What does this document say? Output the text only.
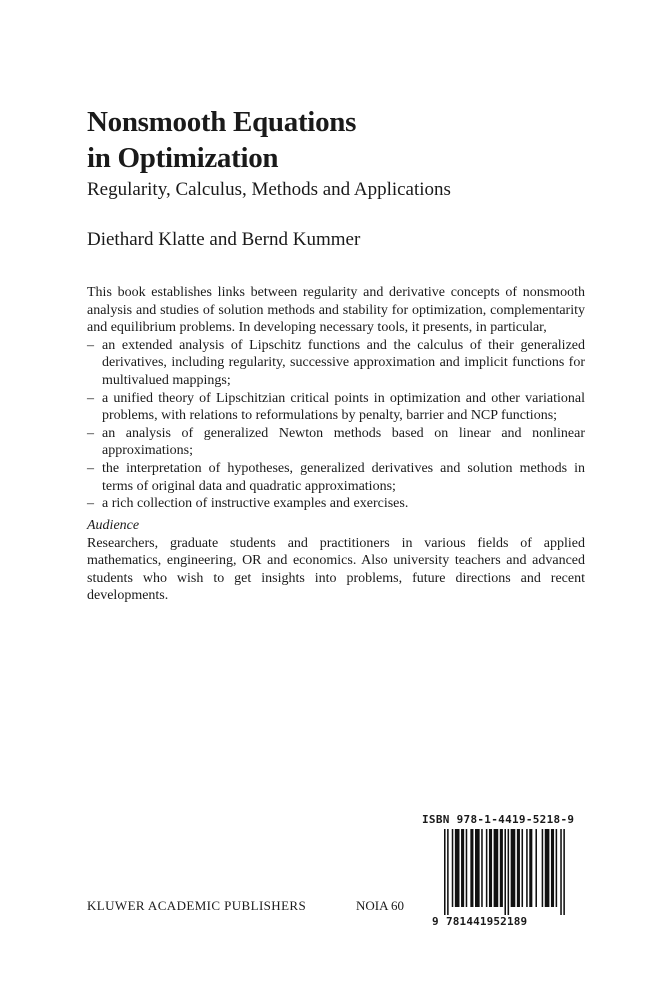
Nonsmooth Equations

in Optimization

Regularity, Calculus, Methods and Applications
Diethard Klatte and Bernd Kummer

This book establishes links between regularity and derivative concepts of nonsmooth analysis and studies of solution methods and stability for optimization, complementarity and equilibrium problems. In developing necessary tools, it presents, in particular,

– an extended analysis of Lipschitz functions and the calculus of their generalized derivatives, including regularity, successive approximation and implicit functions for multivalued mappings;
– a unified theory of Lipschitzian critical points in optimization and other variational problems, with relations to reformulations by penalty, barrier and NCP functions;
– an analysis of generalized Newton methods based on linear and nonlinear approximations;
– the interpretation of hypotheses, generalized derivatives and solution methods in terms of original data and quadratic approximations;
– a rich collection of instructive examples and exercises.

Audience

Researchers, graduate students and practitioners in various fields of applied mathematics, engineering, OR and economics. Also university teachers and advanced students who wish to get insights into problems, future directions and recent developments.

ISBN 978-1-4419-5218-9
9 781441952189
KLUWER ACADEMIC PUBLISHERS	NOIA 60
